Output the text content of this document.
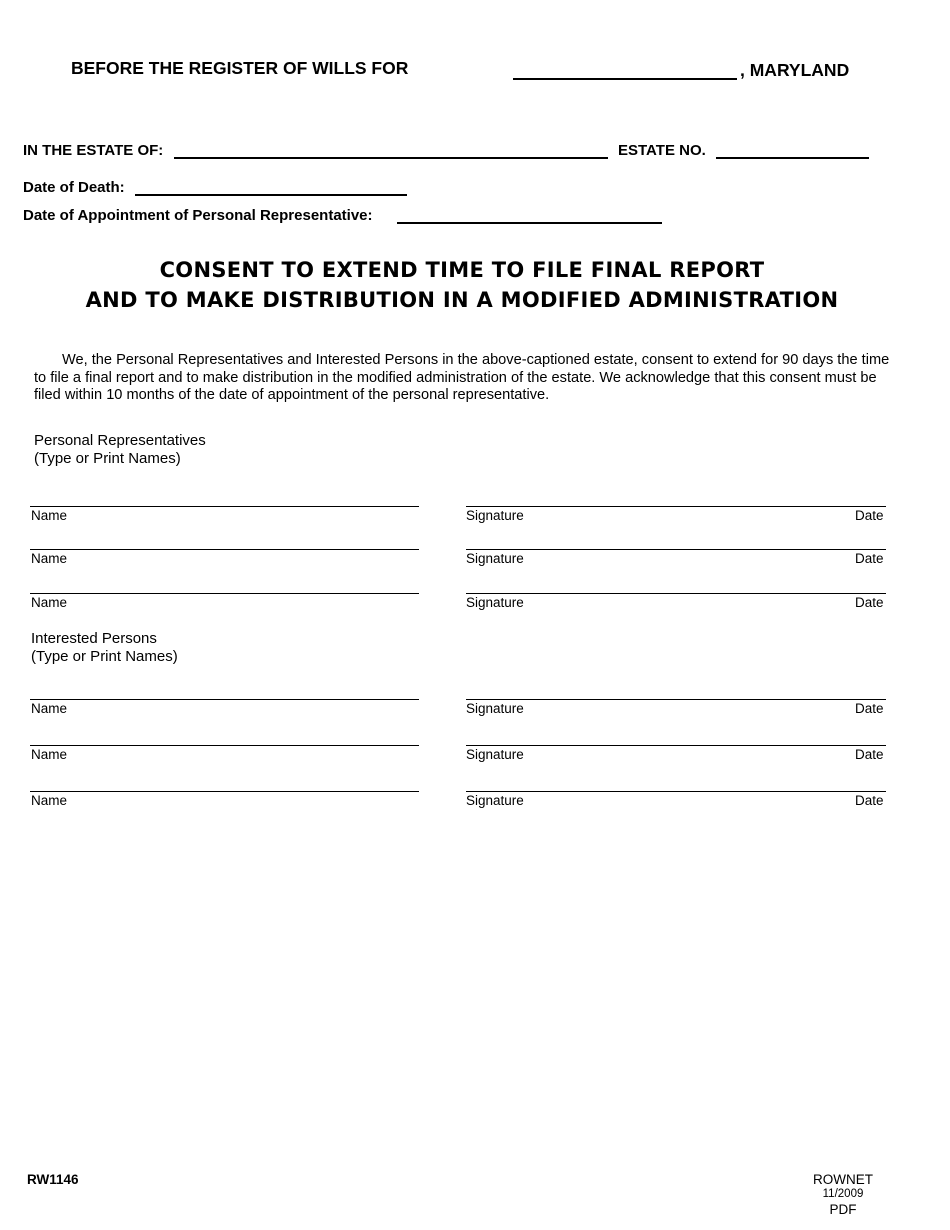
BEFORE THE REGISTER OF WILLS FOR	, MARYLAND
IN THE ESTATE OF:	ESTATE NO.
Date of Death:
Date of Appointment of Personal Representative:
CONSENT TO EXTEND TIME TO FILE FINAL REPORT
AND TO MAKE DISTRIBUTION IN A MODIFIED ADMINISTRATION
We, the Personal Representatives and Interested Persons in the above-captioned estate, consent to extend for 90 days the time to file a final report and to make distribution in the modified administration of the estate. We acknowledge that this consent must be filed within 10 months of the date of appointment of the personal representative.
Personal Representatives
(Type or Print Names)
Name	Signature	Date
Name	Signature	Date
Name	Signature	Date
Interested Persons
(Type or Print Names)
Name	Signature	Date
Name	Signature	Date
Name	Signature	Date
RW1146	ROWNET
11/2009
PDF
